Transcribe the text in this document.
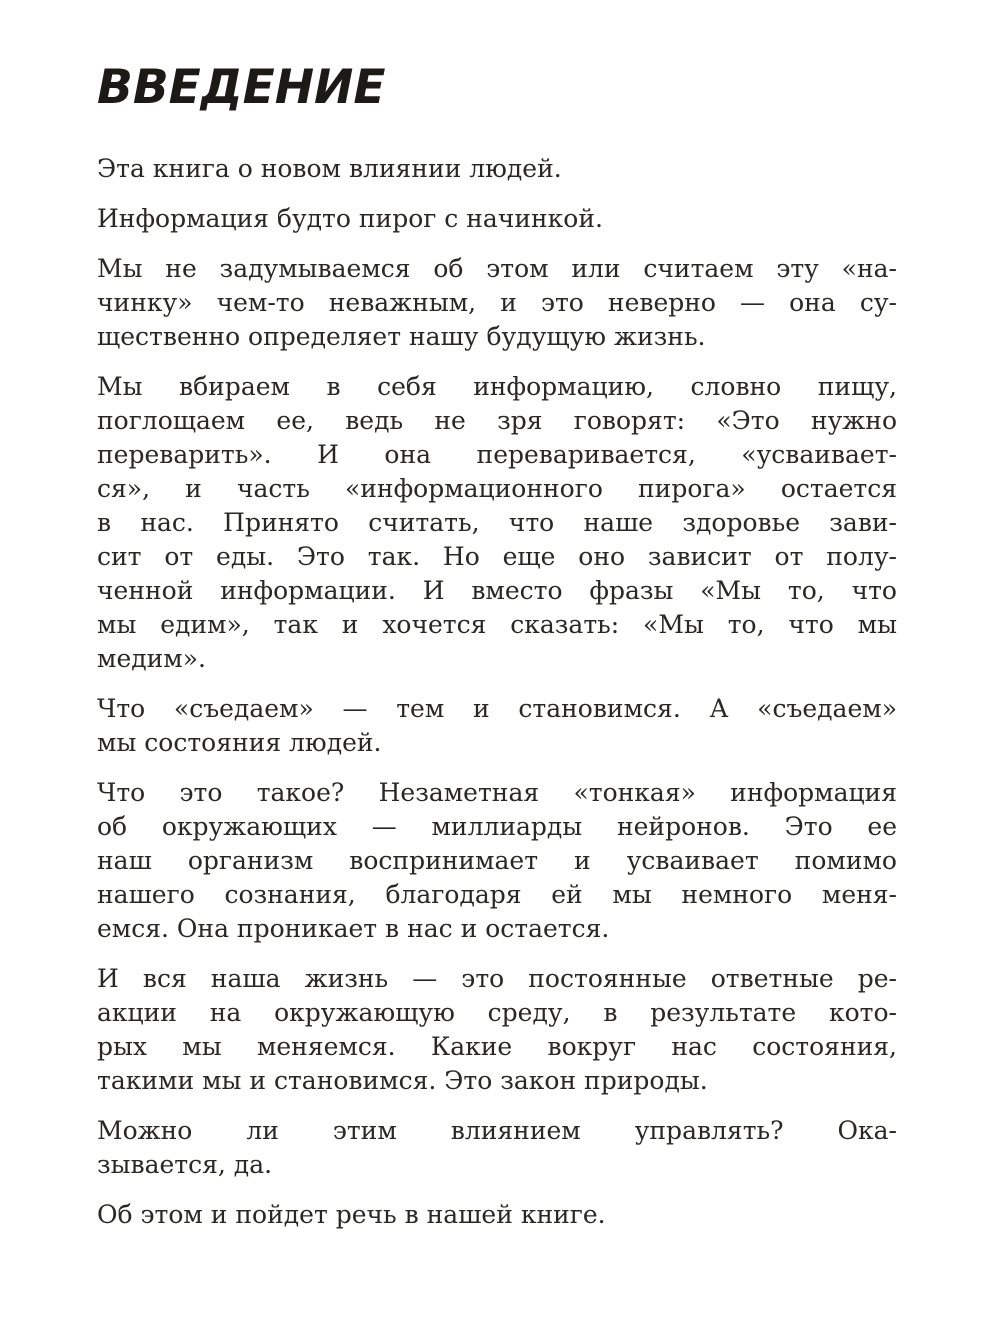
ВВЕДЕНИЕ

Эта книга о новом влиянии людей.

Информация будто пирог с начинкой.

Мы не задумываемся об этом или считаем эту «на-
чинку» чем-то неважным, и это неверно — она су-
щественно определяет нашу будущую жизнь.

Мы вбираем в себя информацию, словно пищу,
поглощаем ее, ведь не зря говорят: «Это нужно
переварить». И она переваривается, «усваивает-
ся», и часть «информационного пирога» остается
в нас. Принято считать, что наше здоровье зави-
сит от еды. Это так. Но еще оно зависит от полу-
ченной информации. И вместо фразы «Мы то, что
мы едим», так и хочется сказать: «Мы то, что мы
медим».

Что «съедаем» — тем и становимся. А «съедаем»
мы состояния людей.

Что это такое? Незаметная «тонкая» информация
об окружающих — миллиарды нейронов. Это ее
наш организм воспринимает и усваивает помимо
нашего сознания, благодаря ей мы немного меня-
емся. Она проникает в нас и остается.

И вся наша жизнь — это постоянные ответные ре-
акции на окружающую среду, в результате кото-
рых мы меняемся. Какие вокруг нас состояния,
такими мы и становимся. Это закон природы.

Можно ли этим влиянием управлять? Ока-
зывается, да.

Об этом и пойдет речь в нашей книге.
